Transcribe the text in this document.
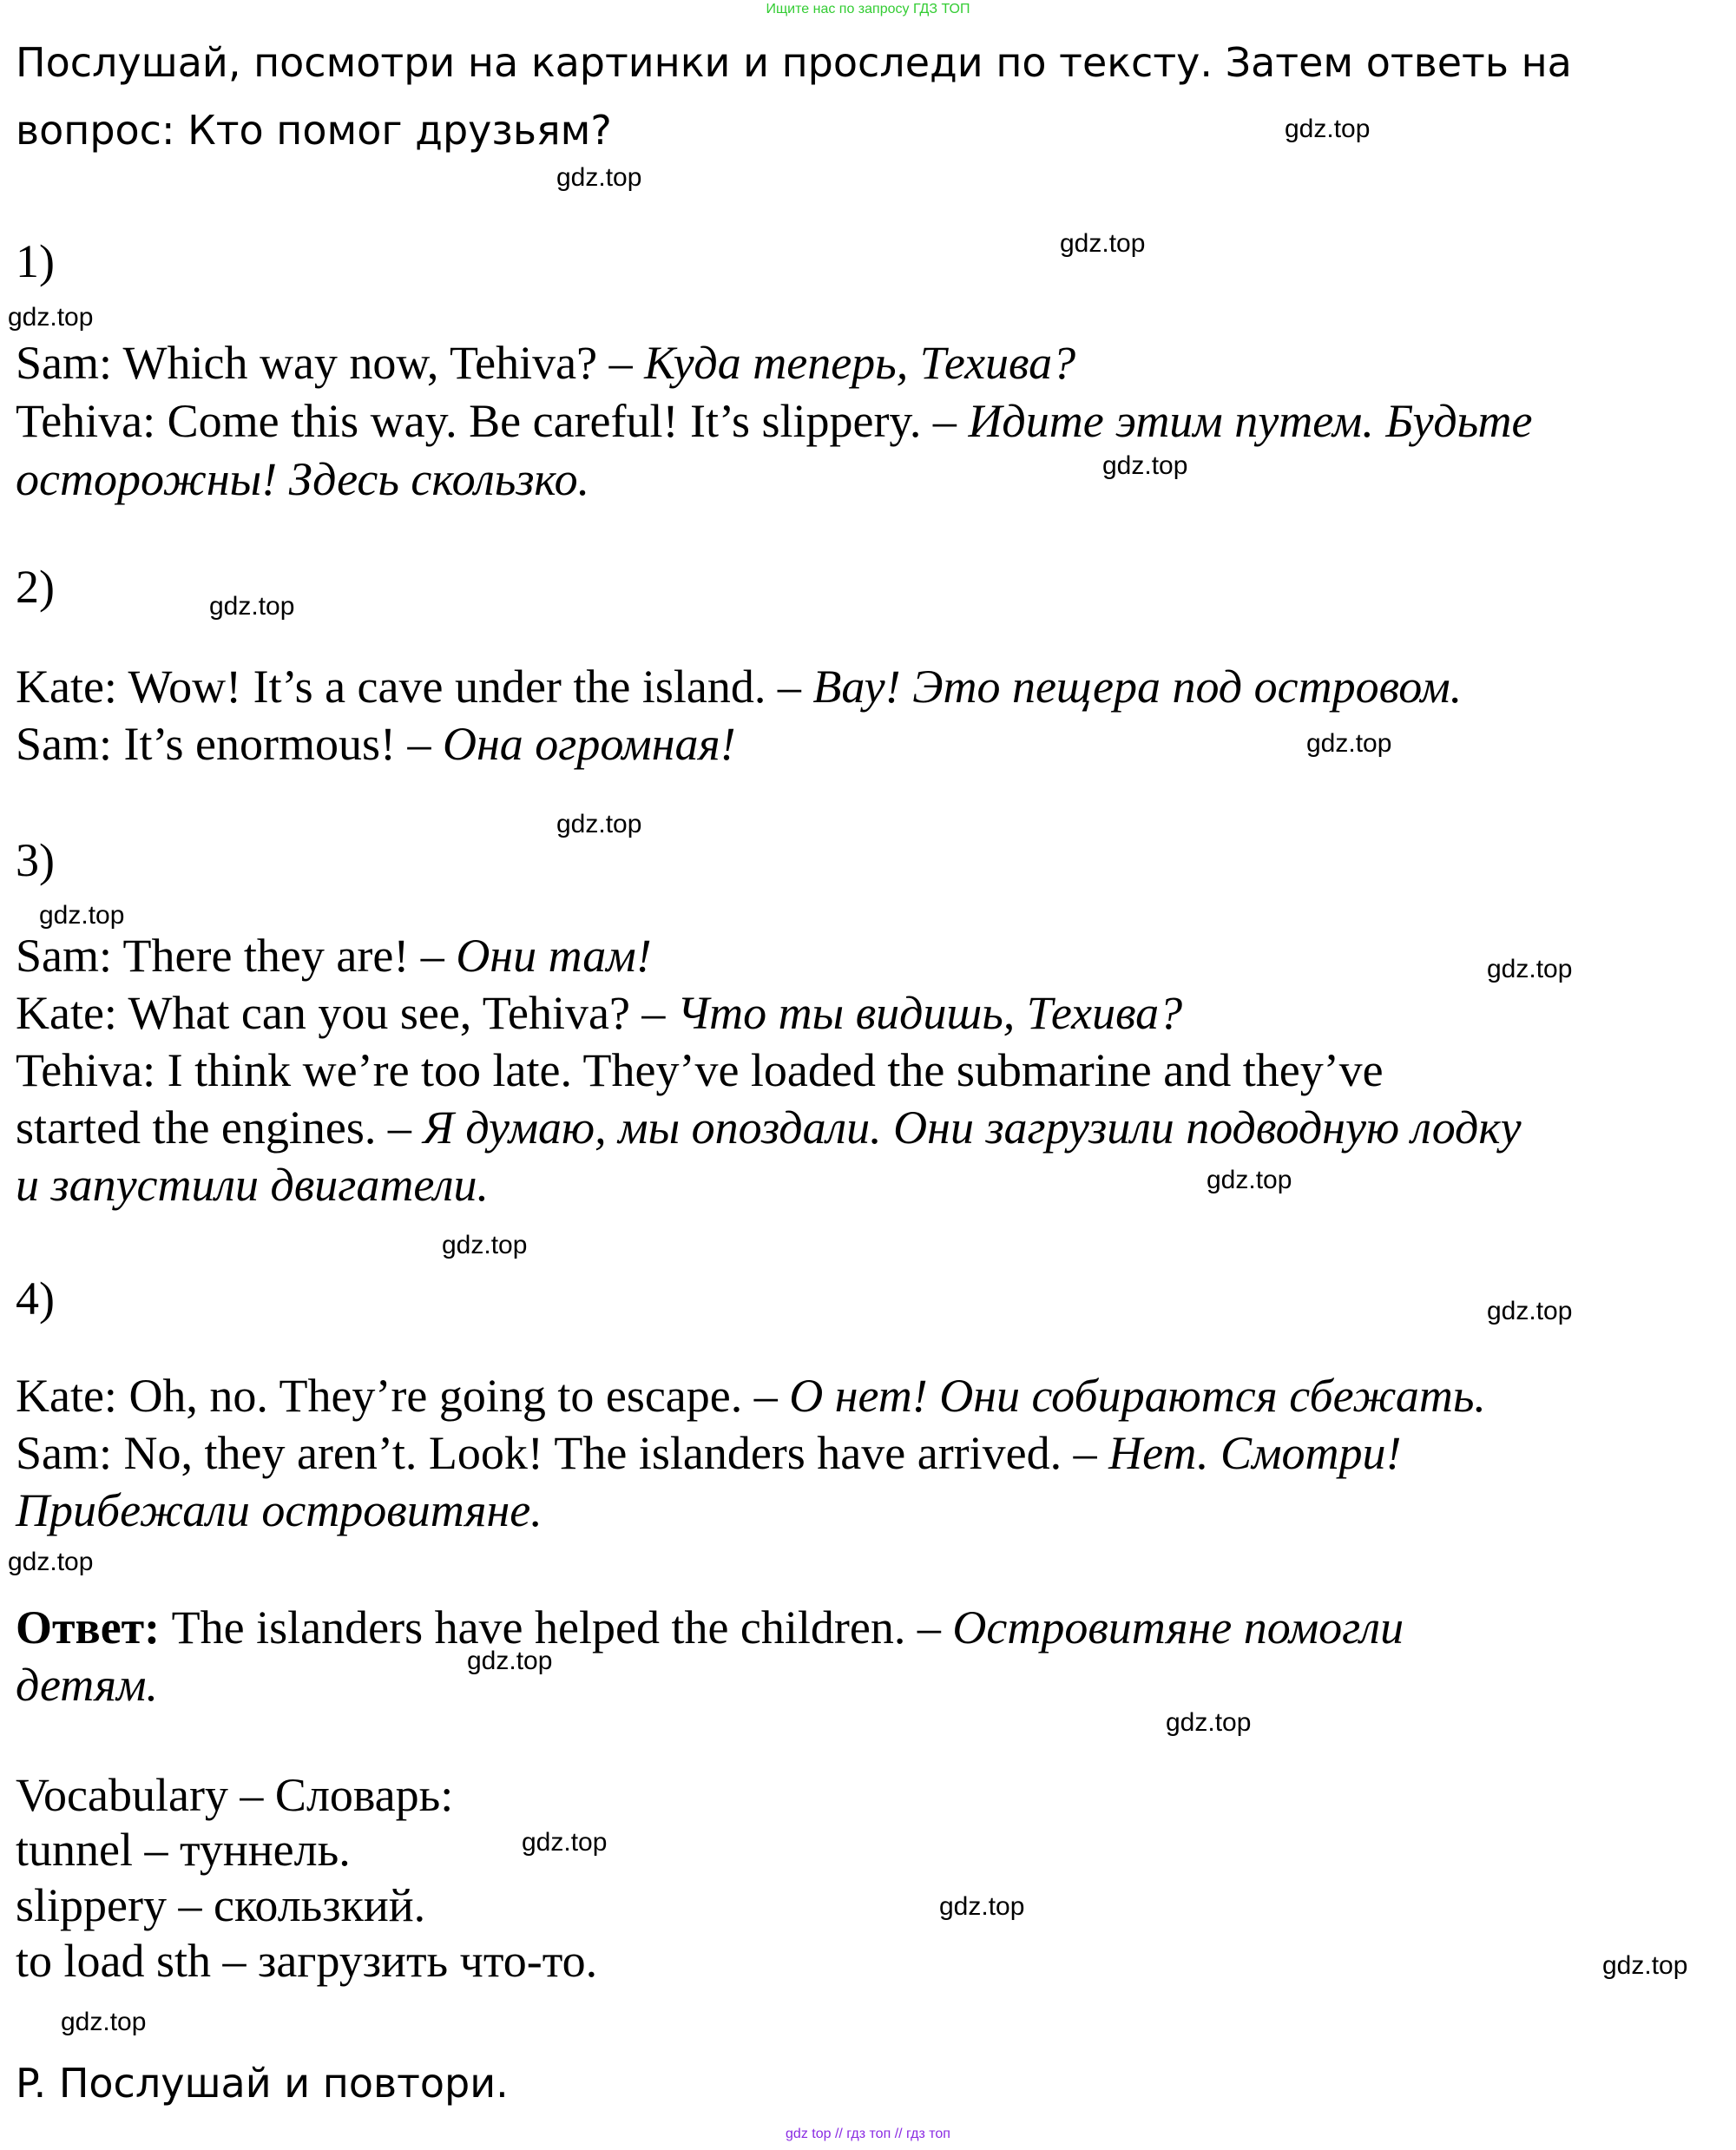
Ищите нас по запросу ГДЗ ТОП
Послушай, посмотри на картинки и проследи по тексту. Затем ответь на
вопрос: Кто помог друзьям?
1)
Sam: Which way now, Tehiva? – Куда теперь, Техива?
Tehiva: Come this way. Be careful! It’s slippery. – Идите этим путем. Будьте
осторожны! Здесь скользко.
2)
Kate: Wow! It’s a cave under the island. – Вау! Это пещера под островом.
Sam: It’s enormous! – Она огромная!
3)
Sam: There they are! – Они там!
Kate: What can you see, Tehiva? – Что ты видишь, Техива?
Tehiva: I think we’re too late. They’ve loaded the submarine and they’ve
started the engines. – Я думаю, мы опоздали. Они загрузили подводную лодку
и запустили двигатели.
4)
Kate: Oh, no. They’re going to escape. – О нет! Они собираются сбежать.
Sam: No, they aren’t. Look! The islanders have arrived. – Нет. Смотри!
Прибежали островитяне.
Ответ: The islanders have helped the children. – Островитяне помогли
детям.
Vocabulary – Словарь:
tunnel – туннель.
slippery – скользкий.
to load sth – загрузить что-то.
P. Послушай и повтори.
gdz top // гдз топ // гдз топ
gdz.top
gdz.top
gdz.top
gdz.top
gdz.top
gdz.top
gdz.top
gdz.top
gdz.top
gdz.top
gdz.top
gdz.top
gdz.top
gdz.top
gdz.top
gdz.top
gdz.top
gdz.top
gdz.top
gdz.top
